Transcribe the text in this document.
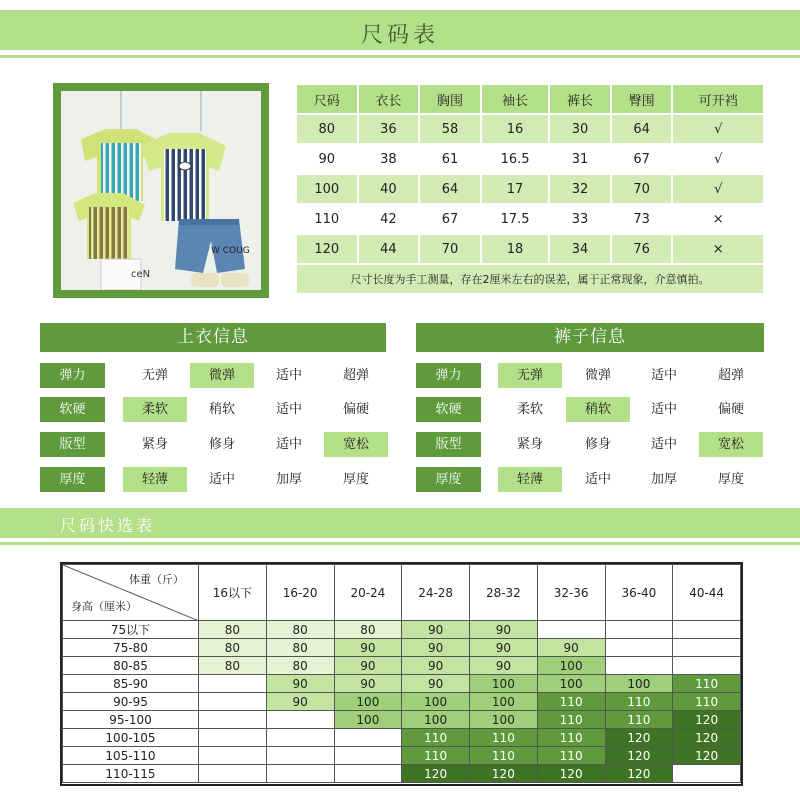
尺码表
W COUG
ceN
尺码	衣长	胸围	袖长	裤长	臀围	可开裆
80	36	58	16	30	64	√
90	38	61	16.5	31	67	√
100	40	64	17	32	70	√
110	42	67	17.5	33	73	×
120	44	70	18	34	76	×
尺寸长度为手工测量，存在2厘米左右的误差，属于正常现象，介意慎拍。						
上衣信息
弹力	无弹	微弹	适中	超弹
软硬	柔软	稍软	适中	偏硬
版型	紧身	修身	适中	宽松
厚度	轻薄	适中	加厚	厚度
裤子信息
弹力	无弹	微弹	适中	超弹
软硬	柔软	稍软	适中	偏硬
版型	紧身	修身	适中	宽松
厚度	轻薄	适中	加厚	厚度
尺码快选表
体重（斤）
身高（厘米）	16以下	16-20	20-24	24-28	28-32	32-36	36-40	40-44
75以下	80	80	80	90	90			
75-80	80	80	90	90	90	90		
80-85	80	80	90	90	90	100		
85-90		90	90	90	100	100	100	110
90-95		90	100	100	100	110	110	110
95-100			100	100	100	110	110	120
100-105				110	110	110	120	120
105-110				110	110	110	120	120
110-115				120	120	120	120	
